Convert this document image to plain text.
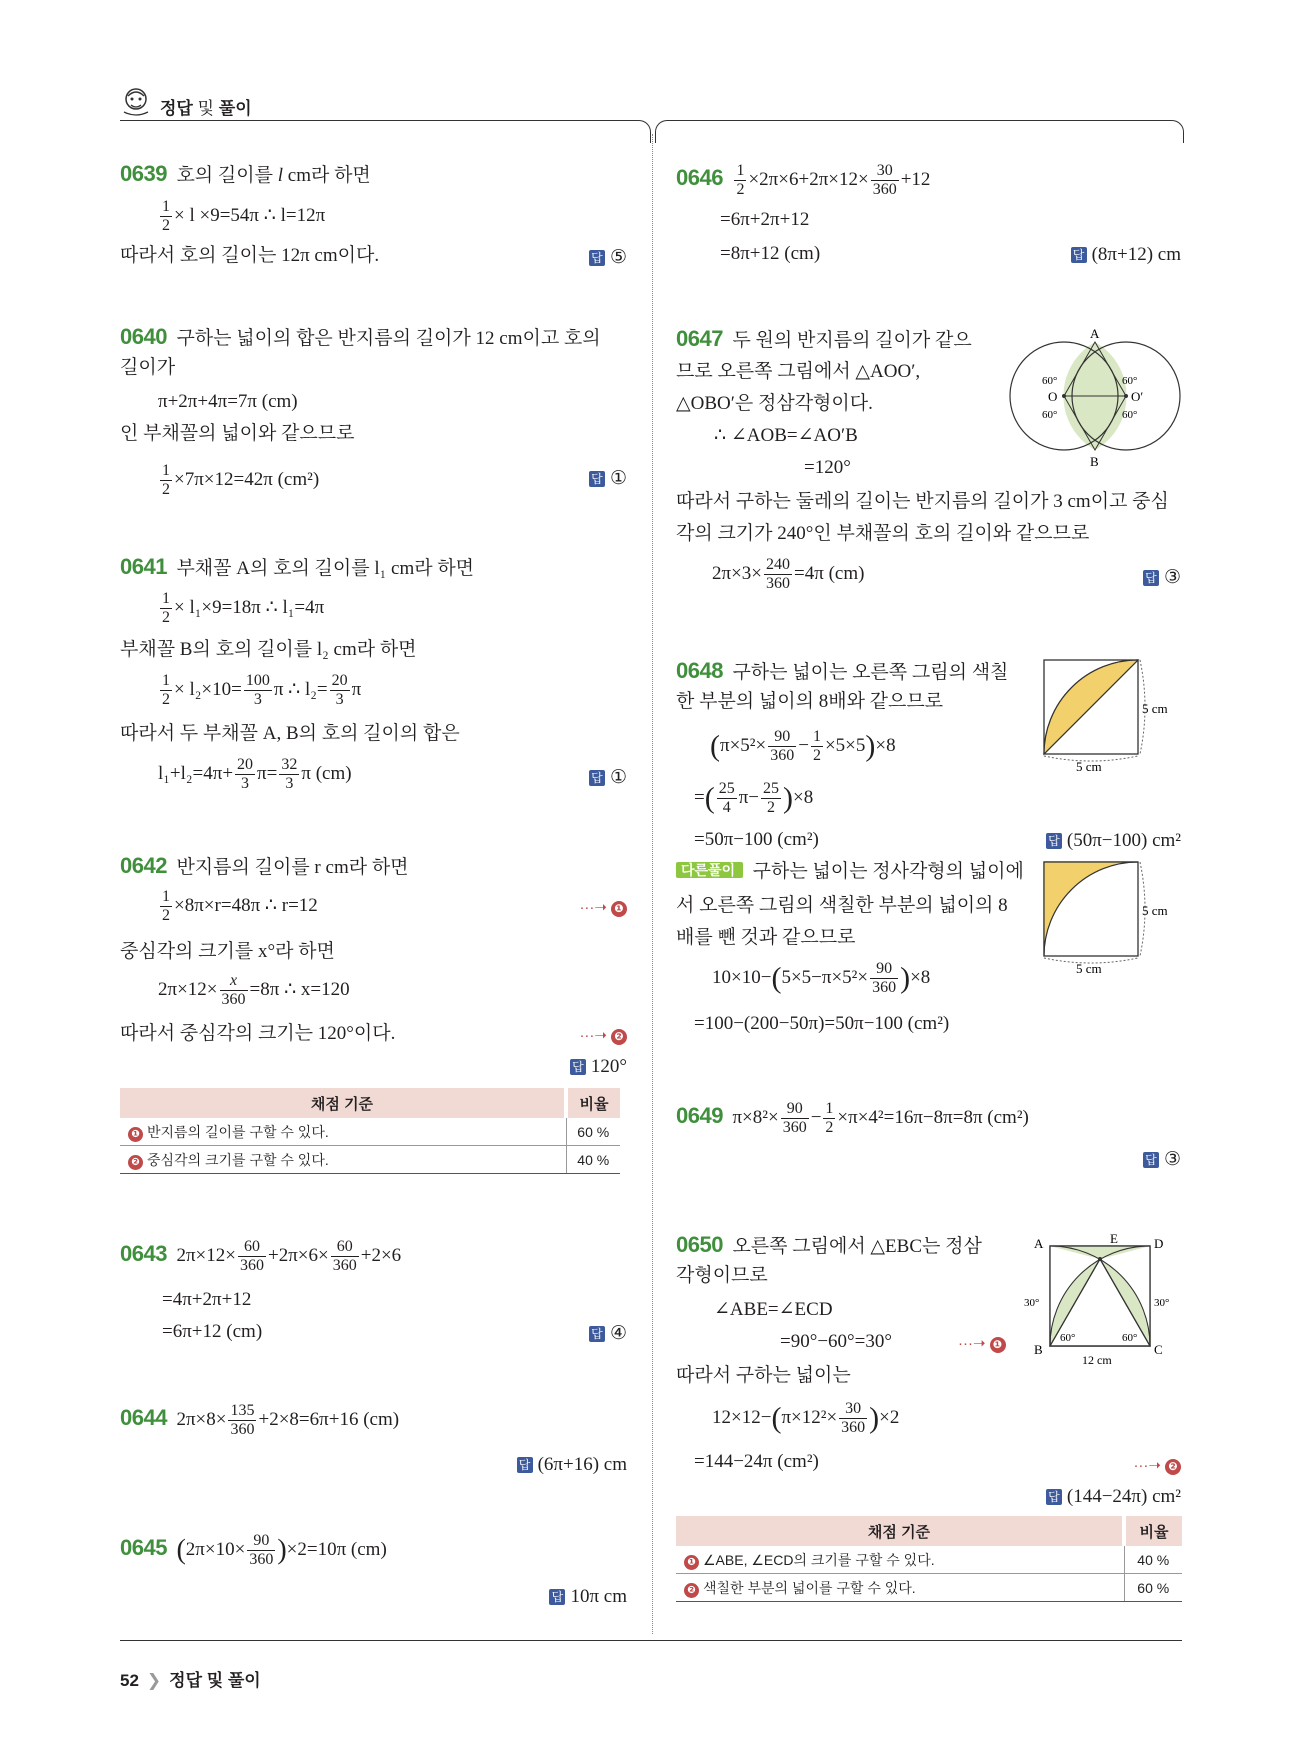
정답 및 풀이
0639 호의 길이를 l cm라 하면
$\frac{1}{2} \times l \times 9=54\pi$ ∴ l=12π
따라서 호의 길이는 12π cm이다.	답 ⑤
0640 구하는 넓이의 합은 반지름의 길이가 12 cm이고 호의
길이가
π+2π+4π=7π (cm)
인 부채꼴의 넓이와 같으므로
$\frac{1}{2} \times 7\pi\times 12=42\pi$ (cm²)	답 ①
0641 부채꼴 A의 호의 길이를 l₁ cm라 하면
$\frac{1}{2} \times l_1\times 9=18\pi$ ∴ l₁=4π
부채꼴 B의 호의 길이를 l₂ cm라 하면
$\frac{1}{2} \times l_2\times 10= \frac{100}{3}$ π ∴ $l_2= \frac{20}{3}$ π
따라서 두 부채꼴 A, B의 호의 길이의 합은
$l_1+l_2=4\pi+ \frac{20}{3} \pi= \frac{32}{3}$ π (cm)	답 ①
0642 반지름의 길이를 r cm라 하면
$\frac{1}{2} \times 8\pi\times r=48\pi$ ∴ r=12	···➝ ❶
중심각의 크기를 x°라 하면
$2\pi\times 12\times \frac{x}{360} =8\pi$ ∴ x=120
따라서 중심각의 크기는 120°이다.	···➝ ❷
답 120°
채점 기준	비율
❶ 반지름의 길이를 구할 수 있다.	60 %
❷ 중심각의 크기를 구할 수 있다.	40 %
0643 $2\pi\times 12\times \frac{60}{360} +2\pi\times 6\times \frac{60}{360} +2\times 6$
=4π+2π+12
=6π+12 (cm)	답 ④
0644 $2\pi\times 8\times \frac{135}{360} +2\times 8=6\pi+16$ (cm)
답 (6π+16) cm
0645 $(2\pi\times 10\times \frac{90}{360} )\times 2=10\pi$ (cm)
답 10π cm
$0646 \frac{1}{2} \times 2\pi\times 6+2\pi\times 12\times \frac{30}{360} +12$
=6π+2π+12
=8π+12 (cm)	답 (8π+12) cm
0647 두 원의 반지름의 길이가 같으
므로 오른쪽 그림에서 △AOO′,
△OBO′은 정삼각형이다.
∴ ∠AOB=∠AO′B
=120°
A
B
O	O′
60°
60°
60°
60°
따라서 구하는 둘레의 길이는 반지름의 길이가 3 cm이고 중심
각의 크기가 240°인 부채꼴의 호의 길이와 같으므로
$2\pi\times 3\times \frac{240}{360} =4\pi$ (cm)	답 ③
0648 구하는 넓이는 오른쪽 그림의 색칠
한 부분의 넓이의 8배와 같으므로	5 cm
5 cm
$(\pi\times 5^2\times \frac{90}{360} - \frac{1}{2} \times 5\times 5)\times 8$
=( $\frac{25}{4} \pi- \frac{25}{2} )\times 8$
=50π−100 (cm²)	답 (50π−100) cm²
다른풀이 구하는 넓이는 정사각형의 넓이에
서 오른쪽 그림의 색칠한 부분의 넓이의 8
배를 뺀 것과 같으므로
5 cm
5 cm
$10\times 10-(5\times 5-\pi\times 5^2\times \frac{90}{360} )\times 8$
=100−(200−50π)=50π−100 (cm²)
0649 $\pi\times 8^2\times \frac{90}{360} - \frac{1}{2} \times\pi\times 4^2=16\pi-8\pi=8\pi$ (cm²)
답 ③
0650 오른쪽 그림에서 △EBC는 정삼
각형이므로
∠ABE=∠ECD
=90°−60°=30°	···➝ ❶
A	D
B	C
E
30°	30°
60°	60°
12 cm
따라서 구하는 넓이는
$12\times 12-(\pi\times 12^2\times \frac{30}{360} )\times 2$
=144−24π (cm²)	···➝ ❷
답 (144−24π) cm²
채점 기준	비율
❶ ∠ABE, ∠ECD의 크기를 구할 수 있다.	40 %
❷ 색칠한 부분의 넓이를 구할 수 있다.	60 %
52 ❯ 정답 및 풀이
